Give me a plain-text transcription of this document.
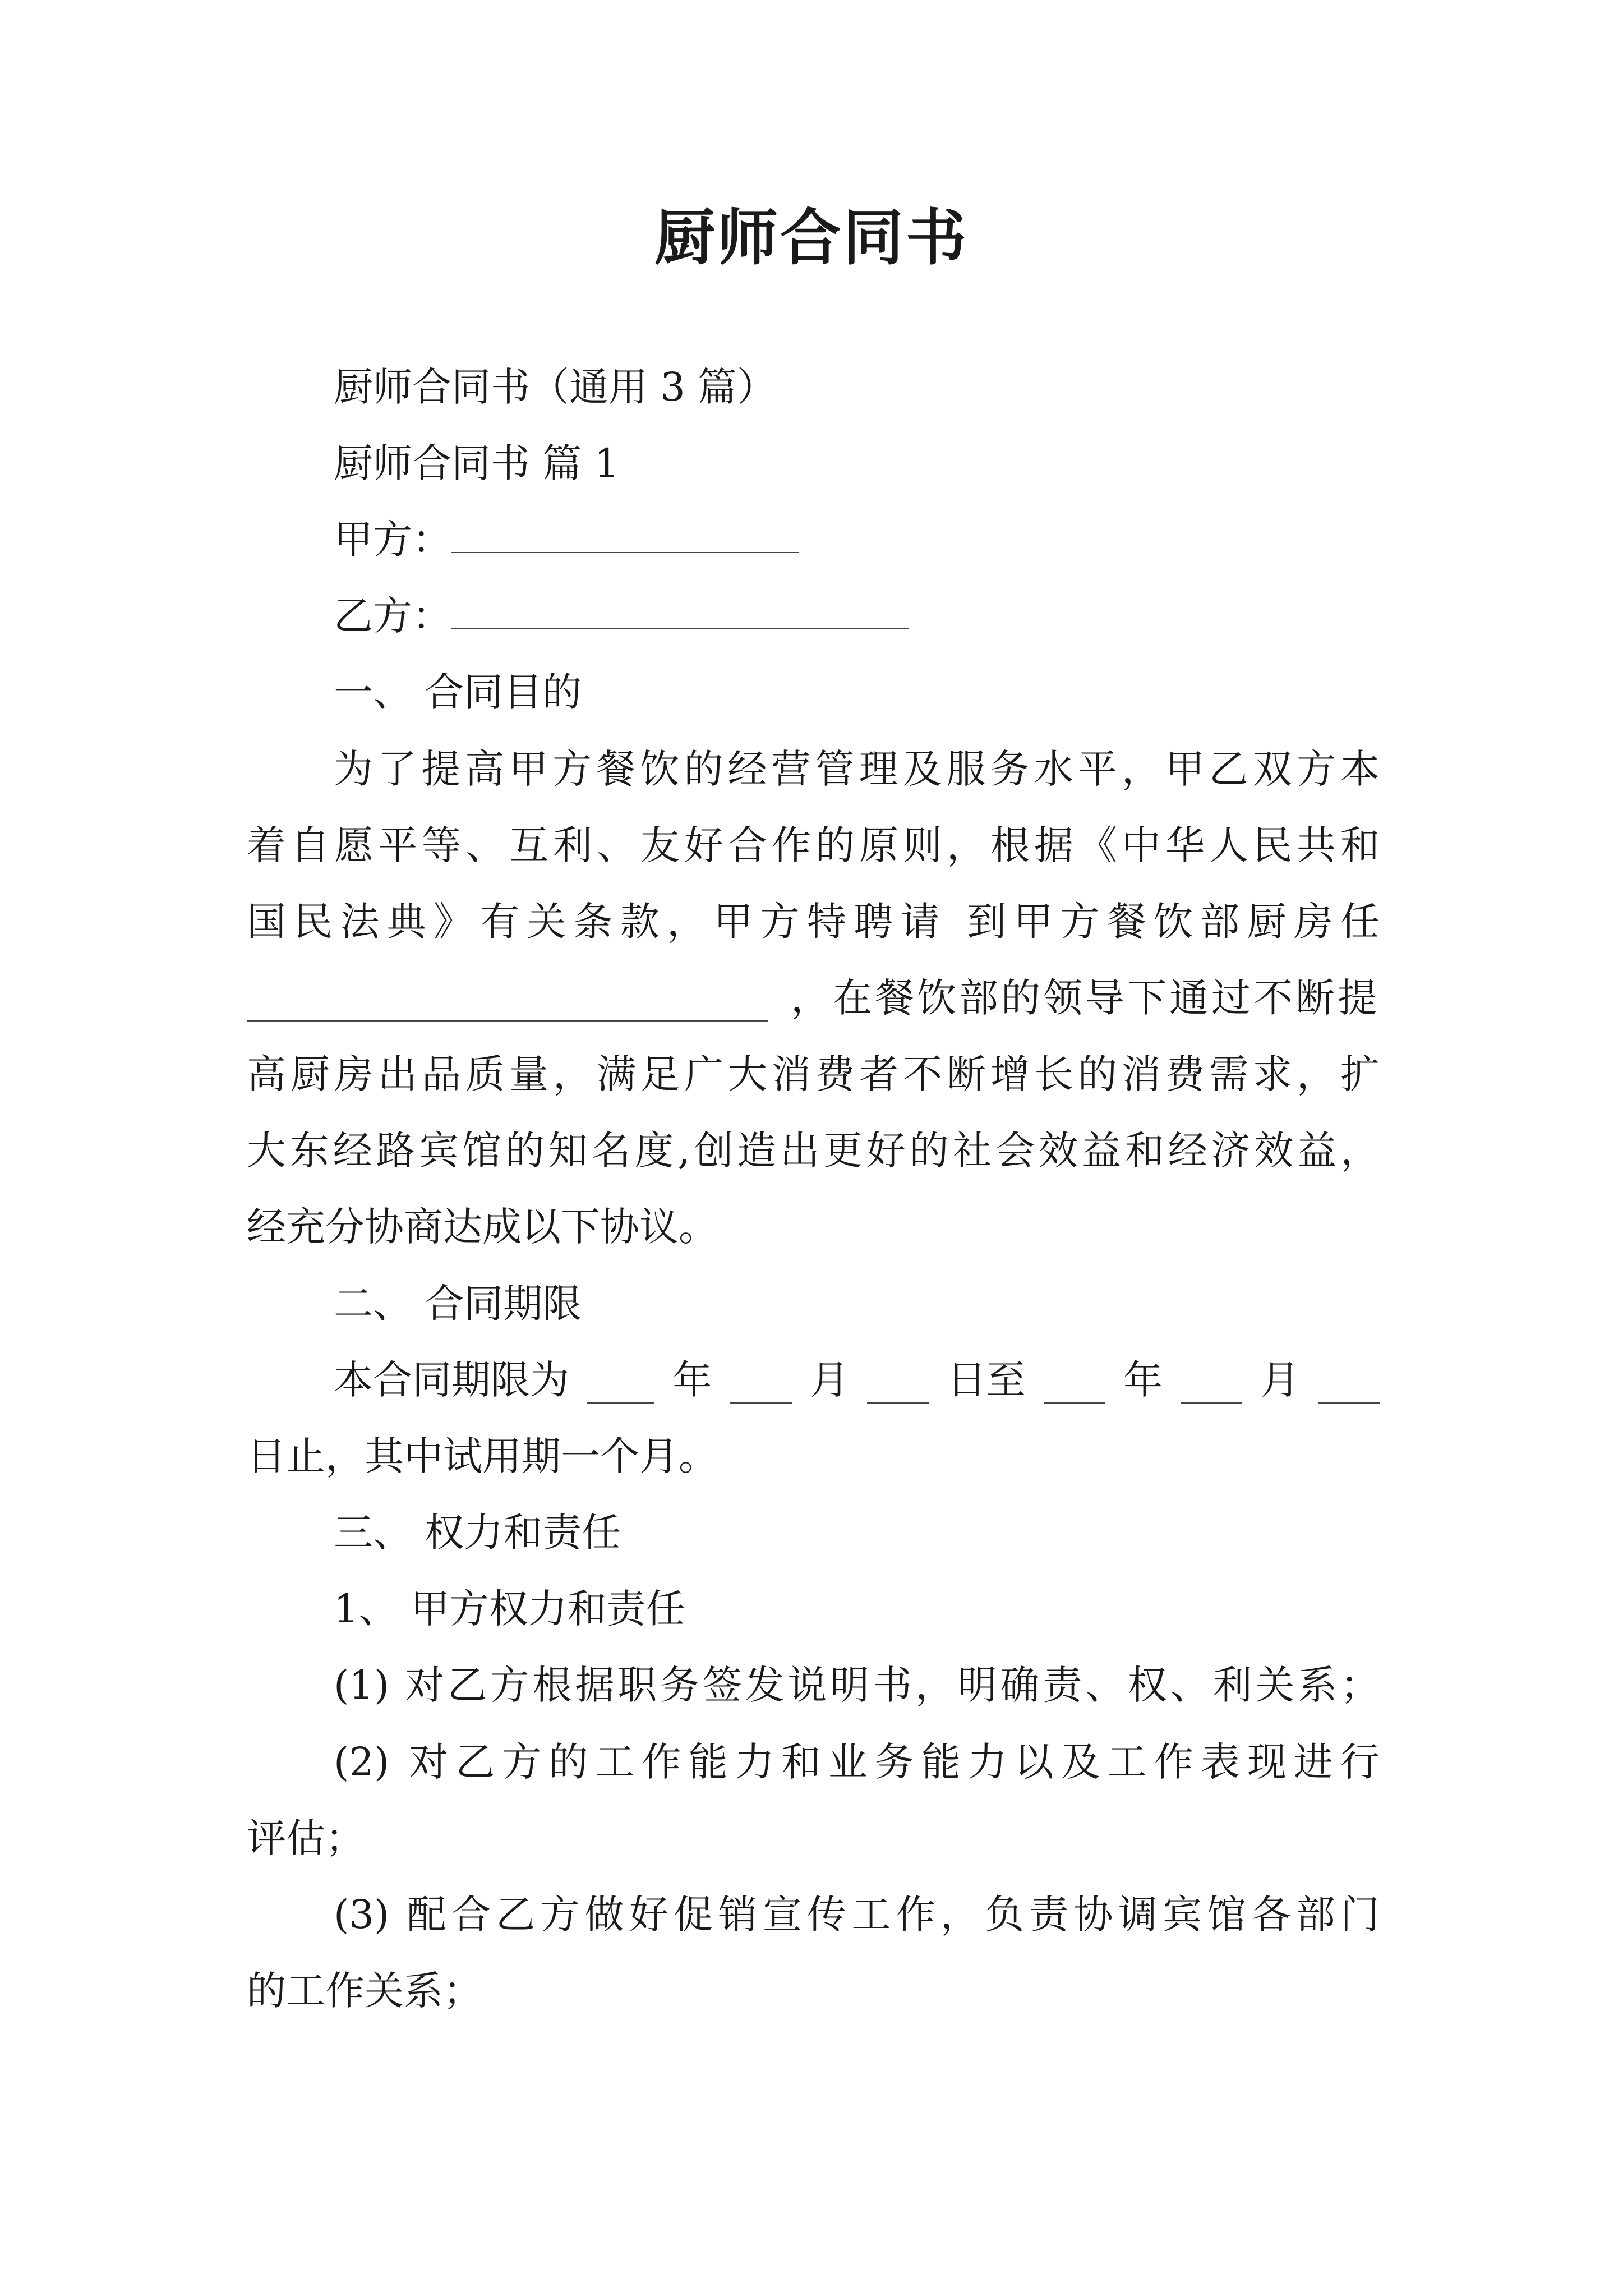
厨师合同书
厨师合同书（通用 3 篇）
厨师合同书 篇 1
甲方：
乙方：
一、 合同目的
为了提高甲方餐饮的经营管理及服务水平，甲乙双方本
着自愿平等、互利、友好合作的原则，根据《中华人民共和
国民法典》有关条款，甲方特聘请 到甲方餐饮部厨房任
，在餐饮部的领导下通过不断提
高厨房出品质量，满足广大消费者不断增长的消费需求，扩
大东经路宾馆的知名度,创造出更好的社会效益和经济效益，
经充分协商达成以下协议。
二、 合同期限
本合同期限为	年 月 日至 年 月
日止，其中试用期一个月。
三、 权力和责任
1、 甲方权力和责任
(1) 对乙方根据职务签发说明书，明确责、权、利关系；
(2) 对乙方的工作能力和业务能力以及工作表现进行
评估；
(3) 配合乙方做好促销宣传工作，负责协调宾馆各部门
的工作关系；
